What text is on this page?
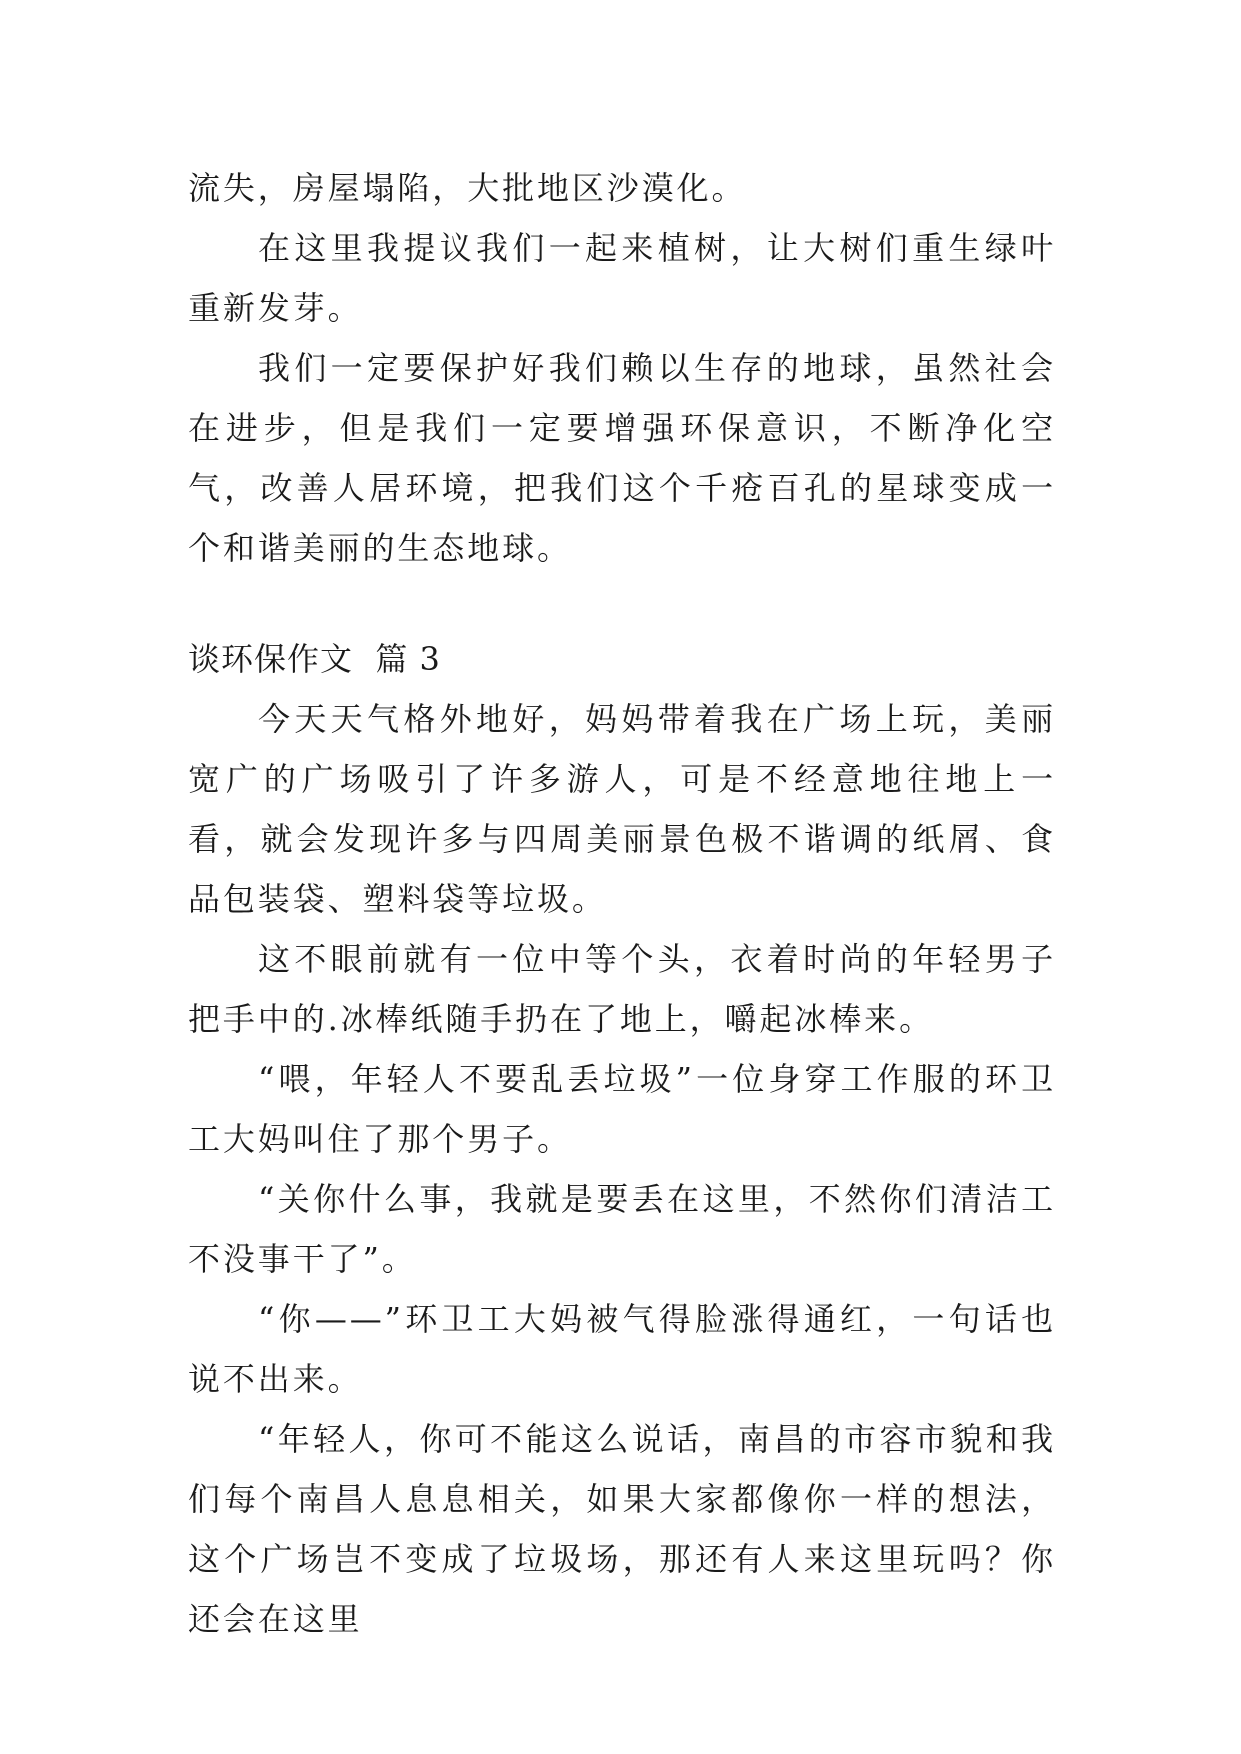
流失，房屋塌陷，大批地区沙漠化。

在这里我提议我们一起来植树，让大树们重生绿叶重新发芽。

我们一定要保护好我们赖以生存的地球，虽然社会在进步，但是我们一定要增强环保意识，不断净化空气，改善人居环境，把我们这个千疮百孔的星球变成一个和谐美丽的生态地球。

谈环保作文  篇 3

今天天气格外地好，妈妈带着我在广场上玩，美丽宽广的广场吸引了许多游人，可是不经意地往地上一看，就会发现许多与四周美丽景色极不谐调的纸屑、食品包装袋、塑料袋等垃圾。

这不眼前就有一位中等个头，衣着时尚的年轻男子把手中的.冰棒纸随手扔在了地上，嚼起冰棒来。

“喂，年轻人不要乱丢垃圾”一位身穿工作服的环卫工大妈叫住了那个男子。

“关你什么事，我就是要丢在这里，不然你们清洁工不没事干了”。

“你——”环卫工大妈被气得脸涨得通红，一句话也说不出来。

“年轻人，你可不能这么说话，南昌的市容市貌和我们每个南昌人息息相关，如果大家都像你一样的想法，这个广场岂不变成了垃圾场，那还有人来这里玩吗？你还会在这里
